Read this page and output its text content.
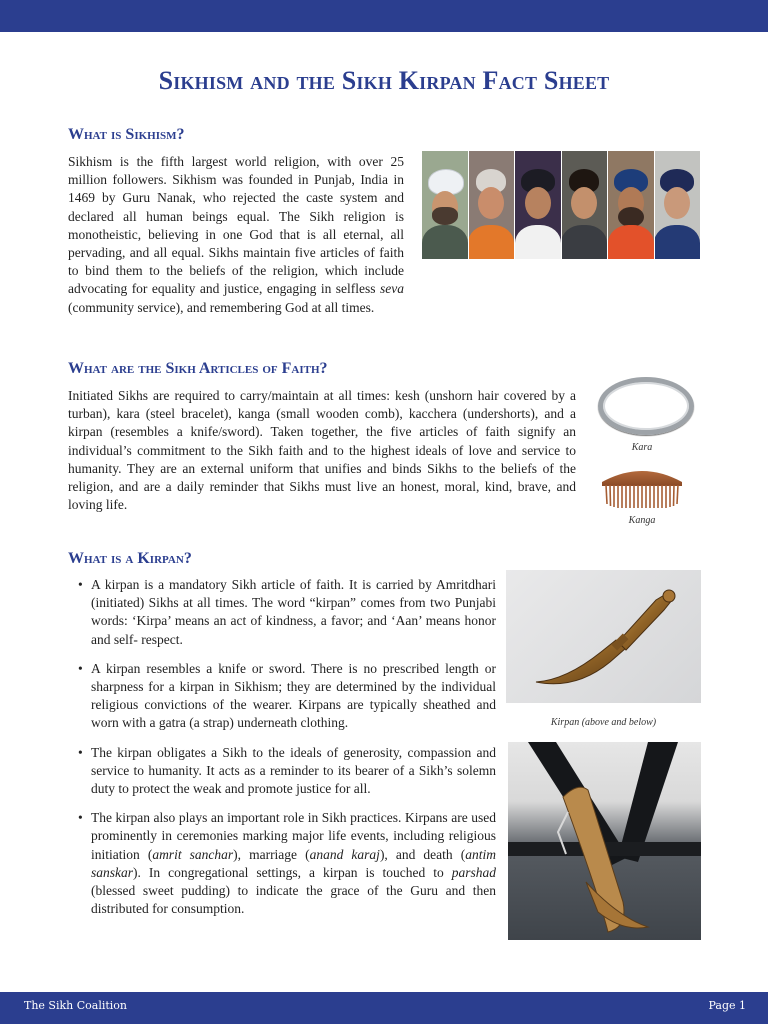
Sikhism and the Sikh Kirpan Fact Sheet
What is Sikhism?
Sikhism is the fifth largest world religion, with over 25 million followers. Sikhism was founded in Punjab, India in 1469 by Guru Nanak, who rejected the caste system and declared all human beings equal. The Sikh religion is monotheistic, believing in one God that is all eternal, all pervading, and all equal. Sikhs maintain five articles of faith to bind them to the beliefs of the religion, which include advocating for equality and justice, engaging in selfless seva (community service), and remembering God at all times.
What are the Sikh Articles of Faith?
Initiated Sikhs are required to carry/maintain at all times: kesh (unshorn hair covered by a turban), kara (steel bracelet), kanga (small wooden comb), kacchera (undershorts), and a kirpan (resembles a knife/sword). Taken together, the five articles of faith signify an individual’s commitment to the Sikh faith and to the highest ideals of love and service to humanity. They are an external uniform that unifies and binds Sikhs to the beliefs of the religion, and are a daily reminder that Sikhs must live an honest, moral, kind, brave, and loving life.
Kara
Kanga
What is a Kirpan?
• A kirpan is a mandatory Sikh article of faith. It is carried by Amritdhari (initiated) Sikhs at all times. The word “kirpan” comes from two Punjabi words: ‘Kirpa’ means an act of kindness, a favor; and ‘Aan’ means honor and self- respect.
• A kirpan resembles a knife or sword. There is no prescribed length or sharpness for a kirpan in Sikhism; they are determined by the individual religious convictions of the wearer. Kirpans are typically sheathed and worn with a gatra (a strap) underneath clothing.
• The kirpan obligates a Sikh to the ideals of generosity, compassion and service to humanity. It acts as a reminder to its bearer of a Sikh’s solemn duty to protect the weak and promote justice for all.
• The kirpan also plays an important role in Sikh practices. Kirpans are used prominently in ceremonies marking major life events, including religious initiation (amrit sanchar), marriage (anand karaj), and death (antim sanskar). In congregational settings, a kirpan is touched to parshad (blessed sweet pudding) to indicate the grace of the Guru and then distributed for consumption.
Kirpan (above and below)
The Sikh Coalition	Page 1
